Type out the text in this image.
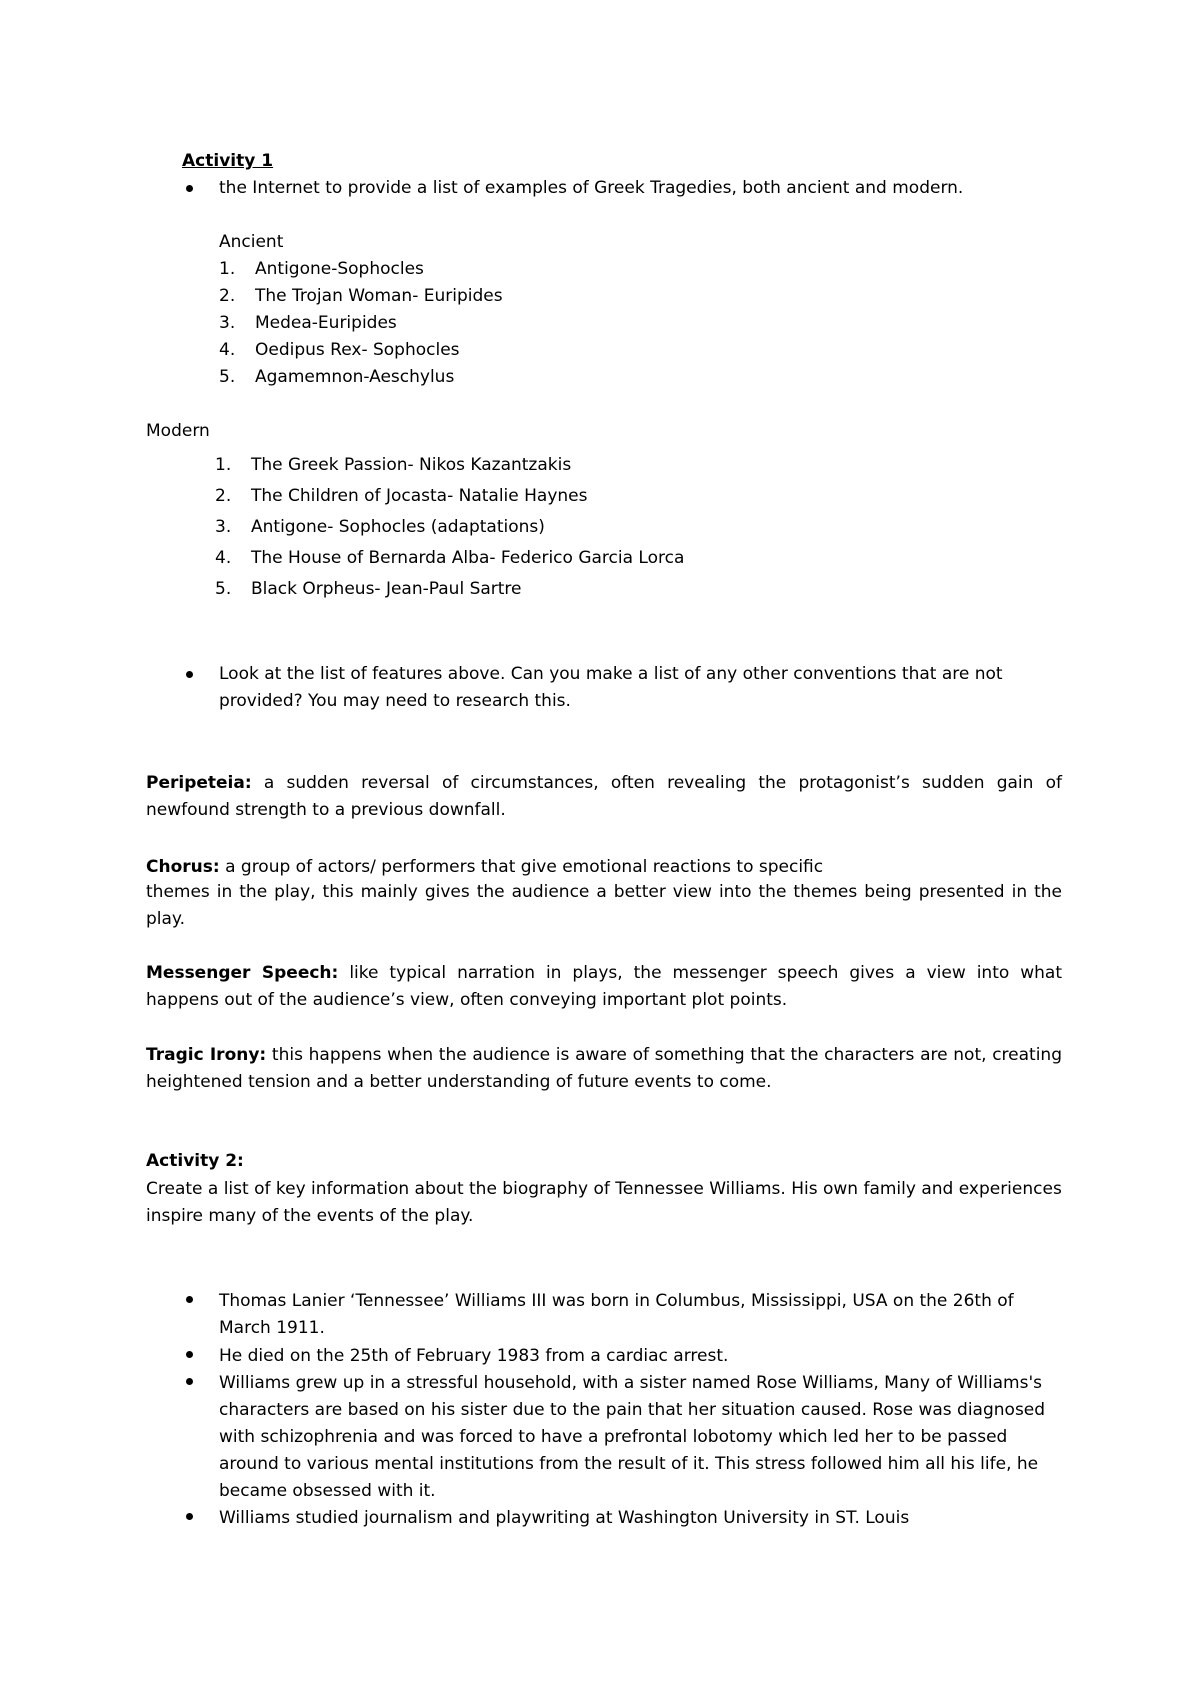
Activity 1
the Internet to provide a list of examples of Greek Tragedies, both ancient and modern.
Ancient
1.	Antigone-Sophocles
2.	The Trojan Woman- Euripides
3.	Medea-Euripides
4.	Oedipus Rex- Sophocles
5.	Agamemnon-Aeschylus
Modern
1.	The Greek Passion- Nikos Kazantzakis
2.	The Children of Jocasta- Natalie Haynes
3.	Antigone- Sophocles (adaptations)
4.	The House of Bernarda Alba- Federico Garcia Lorca
5.	Black Orpheus- Jean-Paul Sartre
Look at the list of features above. Can you make a list of any other conventions that are not
provided? You may need to research this.
Peripeteia: a sudden reversal of circumstances, often revealing the protagonist’s sudden gain of newfound strength to a previous downfall.
Chorus: a group of actors/ performers that give emotional reactions to specific
themes in the play, this mainly gives the audience a better view into the themes being presented in the play.
Messenger Speech: like typical narration in plays, the messenger speech gives a view into what happens out of the audience’s view, often conveying important plot points.
Tragic Irony: this happens when the audience is aware of something that the characters are not, creating heightened tension and a better understanding of future events to come.
Activity 2:
Create a list of key information about the biography of Tennessee Williams. His own family and experiences inspire many of the events of the play.
Thomas Lanier ‘Tennessee’ Williams III was born in Columbus, Mississippi, USA on the 26th of March 1911.
He died on the 25th of February 1983 from a cardiac arrest.
Williams grew up in a stressful household, with a sister named Rose Williams, Many of Williams's characters are based on his sister due to the pain that her situation caused. Rose was diagnosed with schizophrenia and was forced to have a prefrontal lobotomy which led her to be passed around to various mental institutions from the result of it. This stress followed him all his life, he became obsessed with it.
Williams studied journalism and playwriting at Washington University in ST. Louis
